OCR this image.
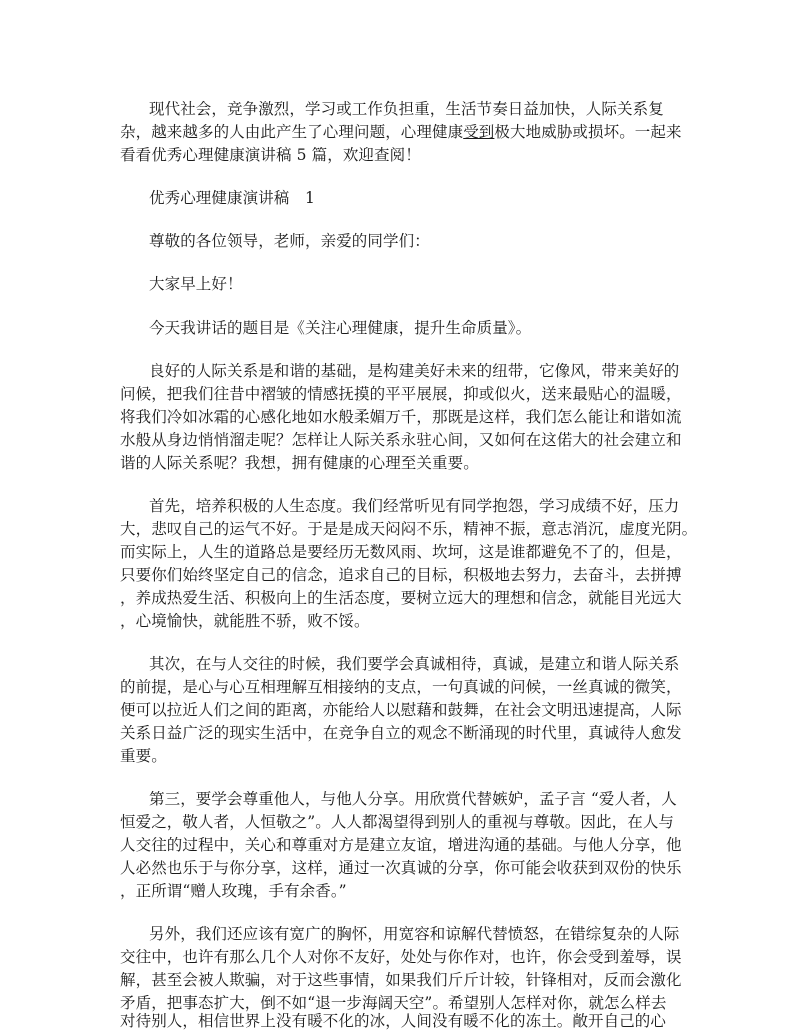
现代社会，竞争激烈，学习或工作负担重，生活节奏日益加快，人际关系复

杂，越来越多的人由此产生了心理问题，心理健康受到极大地威胁或损坏。一起来

看看优秀心理健康演讲稿 5 篇，欢迎查阅！

优秀心理健康演讲稿　1

尊敬的各位领导，老师，亲爱的同学们：

大家早上好！

今天我讲话的题目是《关注心理健康，提升生命质量》。

良好的人际关系是和谐的基础，是构建美好未来的纽带，它像风，带来美好的

问候，把我们往昔中褶皱的情感抚摸的平平展展，抑或似火，送来最贴心的温暖，

将我们冷如冰霜的心感化地如水般柔媚万千，那既是这样，我们怎么能让和谐如流

水般从身边悄悄溜走呢？怎样让人际关系永驻心间，又如何在这偌大的社会建立和

谐的人际关系呢？我想，拥有健康的心理至关重要。

首先，培养积极的人生态度。我们经常听见有同学抱怨，学习成绩不好，压力

大，悲叹自己的运气不好。于是是成天闷闷不乐，精神不振，意志消沉，虚度光阴。

而实际上，人生的道路总是要经历无数风雨、坎坷，这是谁都避免不了的，但是，

只要你们始终坚定自己的信念，追求自己的目标，积极地去努力，去奋斗，去拼搏

，养成热爱生活、积极向上的生活态度，要树立远大的理想和信念，就能目光远大

，心境愉快，就能胜不骄，败不馁。

其次，在与人交往的时候，我们要学会真诚相待，真诚，是建立和谐人际关系

的前提，是心与心互相理解互相接纳的支点，一句真诚的问候，一丝真诚的微笑，

便可以拉近人们之间的距离，亦能给人以慰藉和鼓舞，在社会文明迅速提高，人际

关系日益广泛的现实生活中，在竞争自立的观念不断涌现的时代里，真诚待人愈发

重要。

第三，要学会尊重他人，与他人分享。用欣赏代替嫉妒，孟子言 “爱人者，人

恒爱之，敬人者，人恒敬之”。人人都渴望得到别人的重视与尊敬。因此，在人与

人交往的过程中，关心和尊重对方是建立友谊，增进沟通的基础。与他人分享，他

人必然也乐于与你分享，这样，通过一次真诚的分享，你可能会收获到双份的快乐

，正所谓“赠人玫瑰，手有余香。”

另外，我们还应该有宽广的胸怀，用宽容和谅解代替愤怒，在错综复杂的人际

交往中，也许有那么几个人对你不友好，处处与你作对，也许，你会受到羞辱，误

解，甚至会被人欺骗，对于这些事情，如果我们斤斤计较，针锋相对，反而会激化

矛盾，把事态扩大，倒不如“退一步海阔天空”。希望别人怎样对你，就怎么样去

对待别人，相信世界上没有暖不化的冰，人间没有暖不化的冻土。敞开自己的心
